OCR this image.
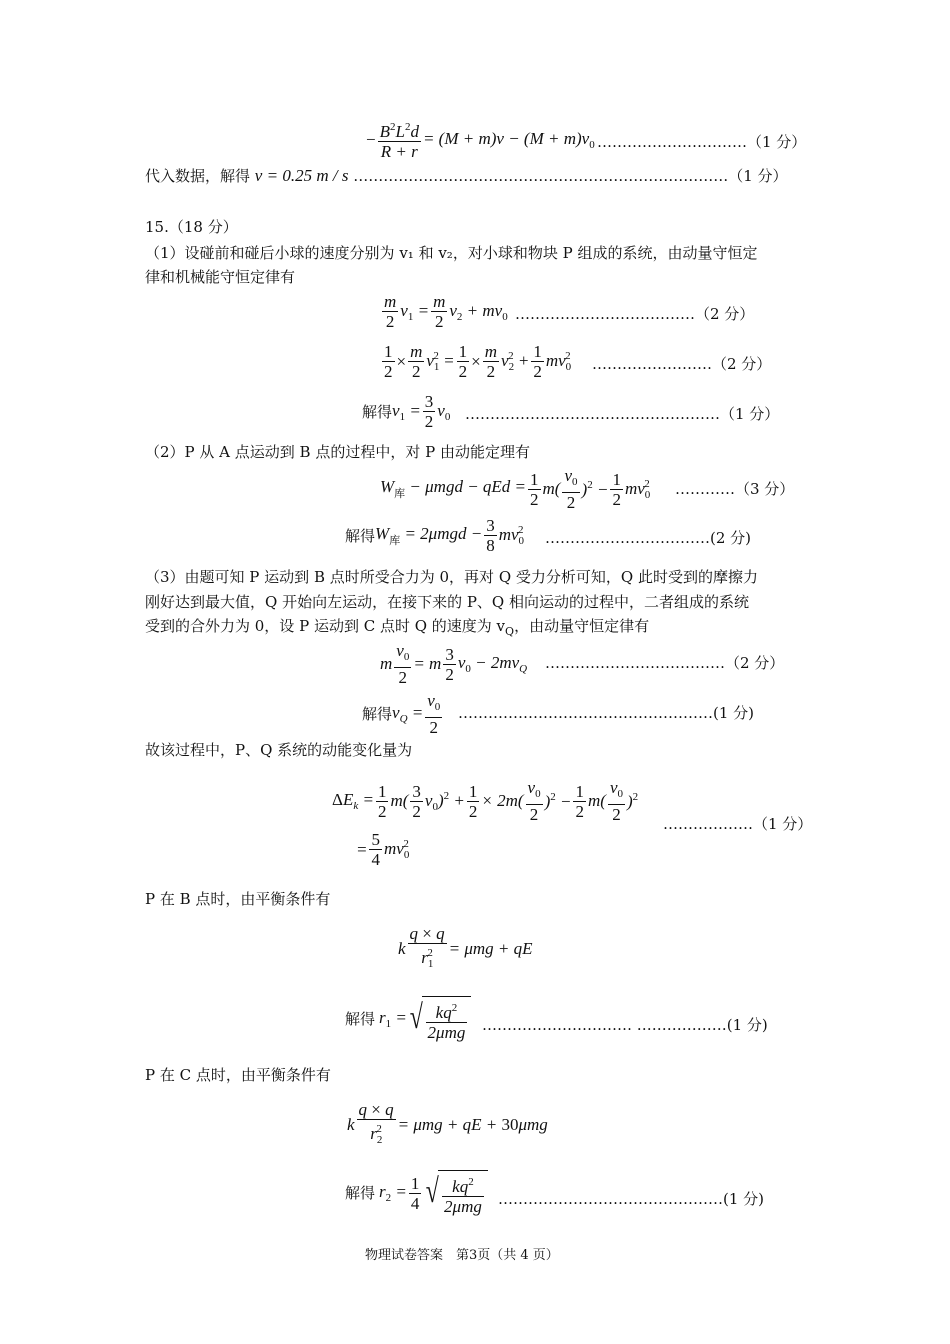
− $\frac{B^2L^2d}{R + r} = (M + m)v - (M + m)v_0$ …………………………（1 分）
代入数据，解得 v = 0.25 m / s …………………………………………………………………（1 分）
15.（18 分）
（1）设碰前和碰后小球的速度分别为 v₁ 和 v₂，对小球和物块 P 组成的系统，由动量守恒定
律和机械能守恒定律有
$\frac{m}{2} v_1 = \frac{m}{2} v_2 + mv_0$ ………………………………（2 分）
$\frac{1}{2} \times \frac{m}{2} v_1^2 = \frac{1}{2} \times \frac{m}{2} v_2^2 + \frac{1}{2} mv_0^2$ ……………………（2 分）
解得 $v_1 = \frac{3}{2} v_0$ ……………………………………………（1 分）
（2）P 从 A 点运动到 B 点的过程中，对 P 由动能定理有
$W_库 - \mu mgd$ − qEd = $\frac{1}{2} m( \frac{v_0}{2} )^2 - \frac{1}{2} mv_0^2$ …………（3 分）
解得 $W_库 = 2\mu mgd - \frac{3}{8} mv_0^2$ ……………………………(2 分)
（3）由题可知 P 运动到 B 点时所受合力为 0，再对 Q 受力分析可知，Q 此时受到的摩擦力
刚好达到最大值，Q 开始向左运动，在接下来的 P、Q 相向运动的过程中，二者组成的系统
受到的合外力为 0，设 P 运动到 C 点时 Q 的速度为 $v_Q$，由动量守恒定律有
m $\frac{v_0}{2} = m \frac{3}{2} v_0 - 2mv_Q$ ………………………………（2 分）
解得 $v_Q = \frac{v_0}{2}$ ……………………………………………(1 分)
故该过程中，P、Q 系统的动能变化量为
$\Delta E_k = \frac{1}{2} m( \frac{3}{2} v_0)^2 + \frac{1}{2} \times 2m( \frac{v_0}{2} )^2 - \frac{1}{2} m( \frac{v_0}{2} )^2$
= $\frac{5}{4} mv_0^2$
………………（1 分）
P 在 B 点时，由平衡条件有
k $\frac{q \times q}{r_1^2} = \mu mg$ + qE
解得 $r_1$ = √ $\frac{kq^2}{\text{2μmg}}$ ………………………… ………………(1 分)
P 在 C 点时，由平衡条件有
k $\frac{q \times q}{r_2^2} = \mu mg$ + qE + 30μmg
解得 $r_2 = \frac{1}{4}$ √ $\frac{kq^2}{\text{2μmg}}$ ………………………………………(1 分)
物理试卷答案　第3页（共 4 页）
